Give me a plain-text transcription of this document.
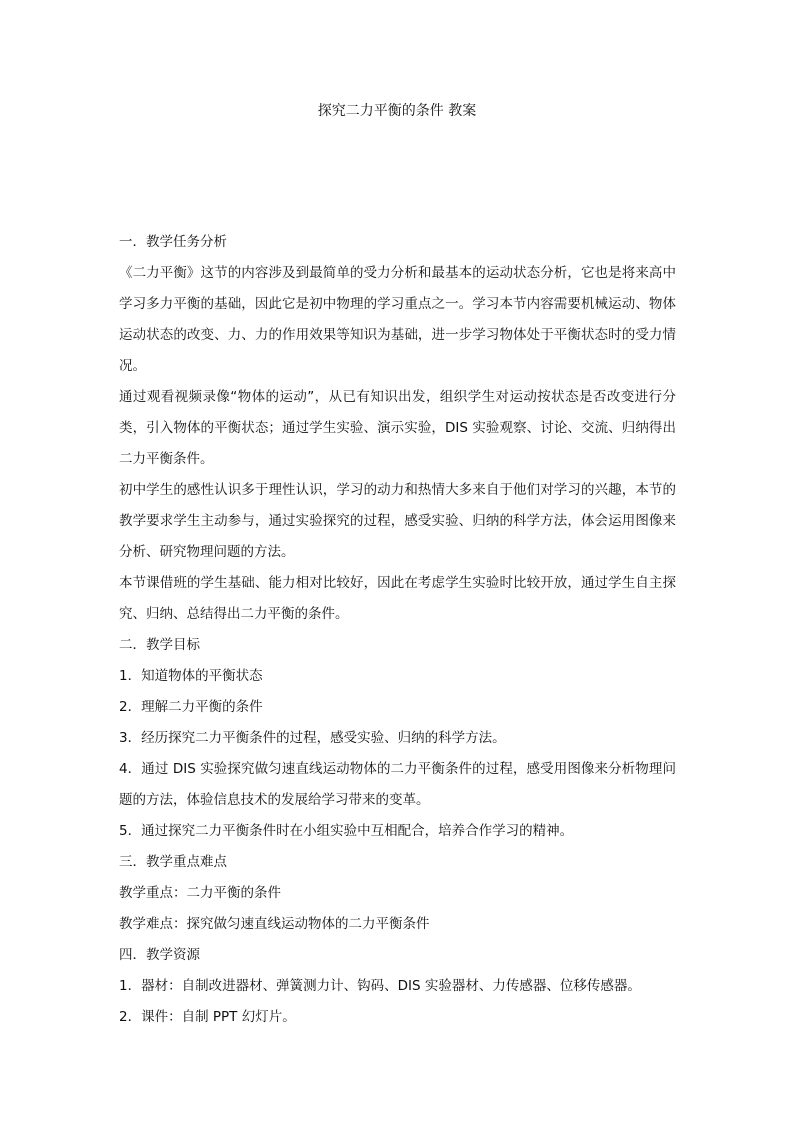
探究二力平衡的条件 教案

一．教学任务分析

《二力平衡》这节的内容涉及到最简单的受力分析和最基本的运动状态分析，它也是将来高中学习多力平衡的基础，因此它是初中物理的学习重点之一。学习本节内容需要机械运动、物体运动状态的改变、力、力的作用效果等知识为基础，进一步学习物体处于平衡状态时的受力情况。

通过观看视频录像“物体的运动”，从已有知识出发，组织学生对运动按状态是否改变进行分类，引入物体的平衡状态；通过学生实验、演示实验，DIS 实验观察、讨论、交流、归纳得出二力平衡条件。

初中学生的感性认识多于理性认识，学习的动力和热情大多来自于他们对学习的兴趣，本节的教学要求学生主动参与，通过实验探究的过程，感受实验、归纳的科学方法，体会运用图像来分析、研究物理问题的方法。

本节课借班的学生基础、能力相对比较好，因此在考虑学生实验时比较开放，通过学生自主探究、归纳、总结得出二力平衡的条件。

二．教学目标

1．知道物体的平衡状态

2．理解二力平衡的条件

3．经历探究二力平衡条件的过程，感受实验、归纳的科学方法。

4．通过 DIS 实验探究做匀速直线运动物体的二力平衡条件的过程，感受用图像来分析物理问题的方法，体验信息技术的发展给学习带来的变革。

5．通过探究二力平衡条件时在小组实验中互相配合，培养合作学习的精神。

三．教学重点难点

教学重点：二力平衡的条件

教学难点：探究做匀速直线运动物体的二力平衡条件

四．教学资源

1．器材：自制改进器材、弹簧测力计、钩码、DIS 实验器材、力传感器、位移传感器。

2．课件：自制 PPT 幻灯片。
